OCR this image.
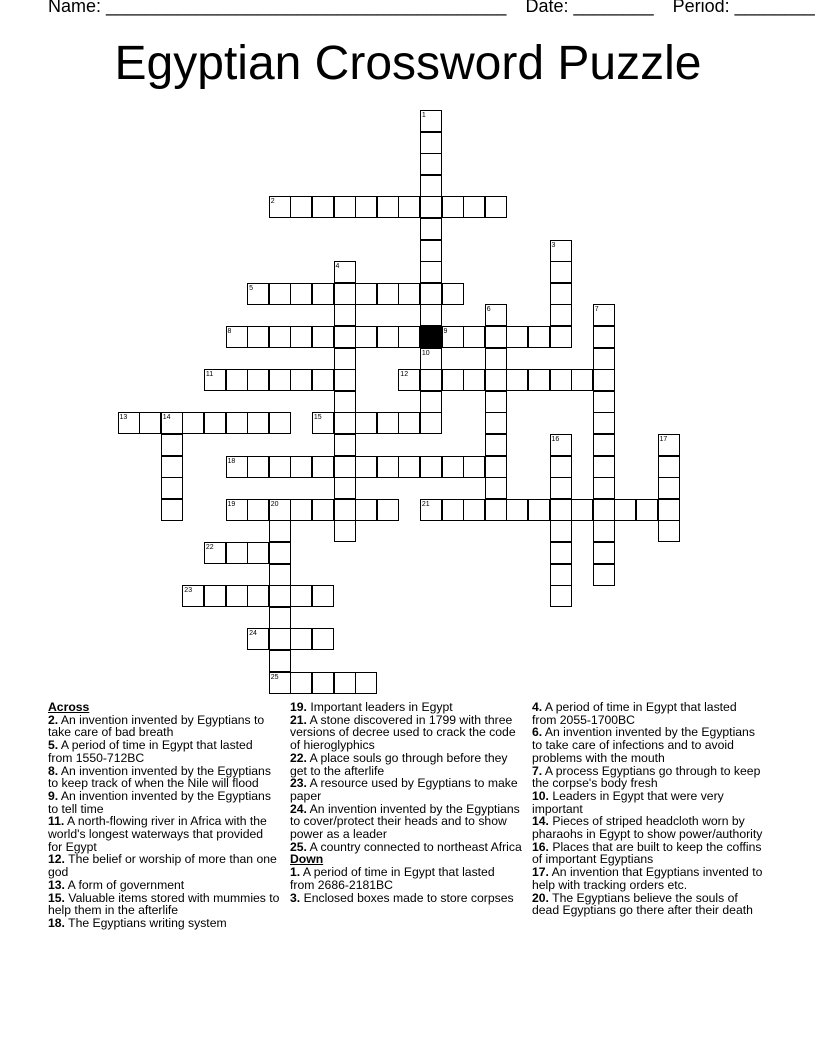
Name: ________________________________________ Date: ________ Period: ________
Egyptian Crossword Puzzle
1
2
3
4
5
6	7
8	9
10
11	12
13	14	15
16	17
18
19	20	21
22
23
24
25

Across

2. An invention invented by Egyptians to take care of bad breath

5. A period of time in Egypt that lasted from 1550-712BC

8. An invention invented by the Egyptians to keep track of when the Nile will flood

9. An invention invented by the Egyptians to tell time

11. A north-flowing river in Africa with the world's longest waterways that provided for Egypt

12. The belief or worship of more than one god

13. A form of government

15. Valuable items stored with mummies to help them in the afterlife

18. The Egyptians writing system

19. Important leaders in Egypt

21. A stone discovered in 1799 with three versions of decree used to crack the code of hieroglyphics

22. A place souls go through before they get to the afterlife

23. A resource used by Egyptians to make paper

24. An invention invented by the Egyptians to cover/protect their heads and to show power as a leader

25. A country connected to northeast Africa

Down

1. A period of time in Egypt that lasted from 2686-2181BC

3. Enclosed boxes made to store corpses

4. A period of time in Egypt that lasted from 2055-1700BC

6. An invention invented by the Egyptians to take care of infections and to avoid problems with the mouth

7. A process Egyptians go through to keep the corpse's body fresh

10. Leaders in Egypt that were very important

14. Pieces of striped headcloth worn by pharaohs in Egypt to show power/authority

16. Places that are built to keep the coffins of important Egyptians

17. An invention that Egyptians invented to help with tracking orders etc.

20. The Egyptians believe the souls of dead Egyptians go there after their death
